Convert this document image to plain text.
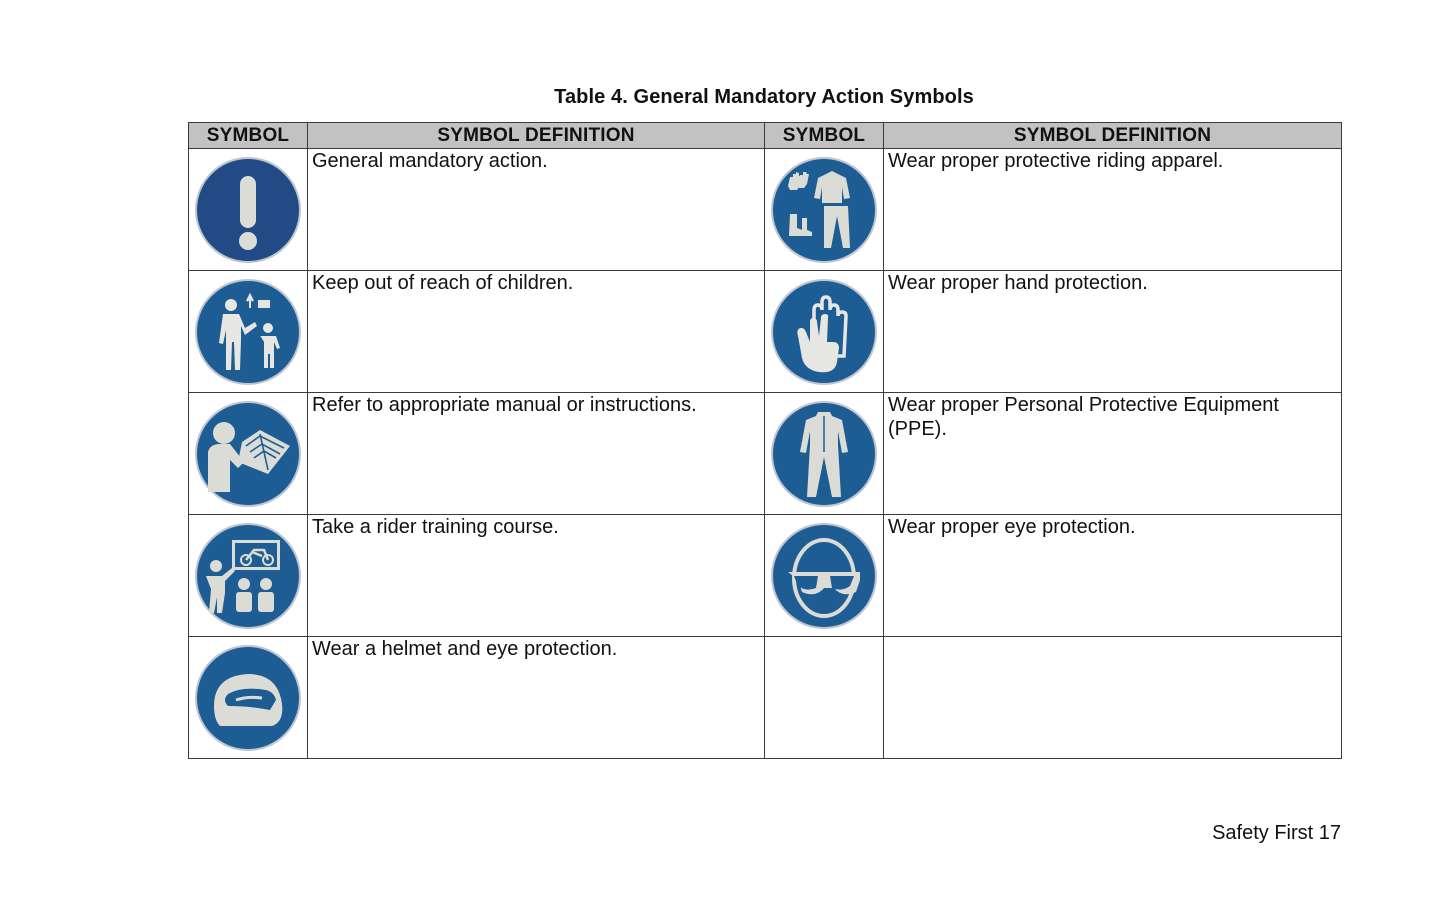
Table 4. General Mandatory Action Symbols
SYMBOL	SYMBOL DEFINITION	SYMBOL	SYMBOL DEFINITION

General mandatory action.		Wear proper protective riding apparel.

Keep out of reach of children.		Wear proper hand protection.

Refer to appropriate manual or instructions.		Wear proper Personal Protective Equipment (PPE).

Take a rider training course.		Wear proper eye protection.

Wear a helmet and eye protection.		

Safety First 17
